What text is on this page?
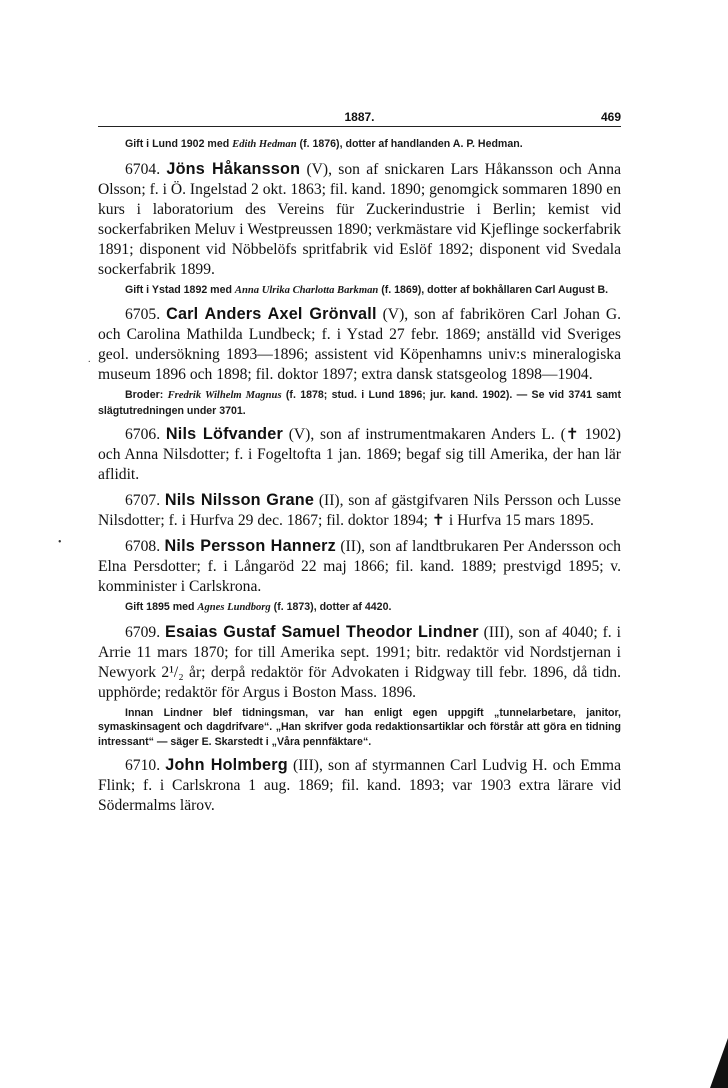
1887.	469

Gift i Lund 1902 med Edith Hedman (f. 1876), dotter af handlanden A. P. Hedman.

6704. Jöns Håkansson (V), son af snickaren Lars Håkansson och Anna Olsson; f. i Ö. Ingelstad 2 okt. 1863; fil. kand. 1890; genomgick sommaren 1890 en kurs i laboratorium des Vereins für Zuckerindustrie i Berlin; kemist vid sockerfabriken Meluv i Westpreussen 1890; verkmästare vid Kjeflinge sockerfabrik 1891; disponent vid Nöbbelöfs spritfabrik vid Eslöf 1892; disponent vid Svedala sockerfabrik 1899.

Gift i Ystad 1892 med Anna Ulrika Charlotta Barkman (f. 1869), dotter af bokhållaren Carl August B.

6705. Carl Anders Axel Grönvall (V), son af fabrikören Carl Johan G. och Carolina Mathilda Lundbeck; f. i Ystad 27 febr. 1869; anställd vid Sveriges geol. undersökning 1893—1896; assistent vid Köpenhamns univ:s mineralogiska museum 1896 och 1898; fil. doktor 1897; extra dansk statsgeolog 1898—1904.

Broder: Fredrik Wilhelm Magnus (f. 1878; stud. i Lund 1896; jur. kand. 1902). — Se vid 3741 samt slägtutredningen under 3701.

6706. Nils Löfvander (V), son af instrumentmakaren Anders L. (✝ 1902) och Anna Nilsdotter; f. i Fogeltofta 1 jan. 1869; begaf sig till Amerika, der han lär aflidit.

6707. Nils Nilsson Grane (II), son af gästgifvaren Nils Persson och Lusse Nilsdotter; f. i Hurfva 29 dec. 1867; fil. doktor 1894; ✝ i Hurfva 15 mars 1895.

6708. Nils Persson Hannerz (II), son af landtbrukaren Per Andersson och Elna Persdotter; f. i Långaröd 22 maj 1866; fil. kand. 1889; prestvigd 1895; v. komminister i Carlskrona.

Gift 1895 med Agnes Lundborg (f. 1873), dotter af 4420.

6709. Esaias Gustaf Samuel Theodor Lindner (III), son af 4040; f. i Arrie 11 mars 1870; for till Amerika sept. 1991; bitr. redaktör vid Nordstjernan i Newyork 2¹/₂ år; derpå redaktör för Advokaten i Ridgway till febr. 1896, då tidn. upphörde; redaktör för Argus i Boston Mass. 1896.

Innan Lindner blef tidningsman, var han enligt egen uppgift „tunnelarbetare, janitor, symaskinsagent och dagdrifvare“. „Han skrifver goda redaktionsartiklar och förstår att göra en tidning intressant“ — säger E. Skarstedt i „Våra pennfäktare“.

6710. John Holmberg (III), son af styrmannen Carl Ludvig H. och Emma Flink; f. i Carlskrona 1 aug. 1869; fil. kand. 1893; var 1903 extra lärare vid Södermalms lärov.

.
•
